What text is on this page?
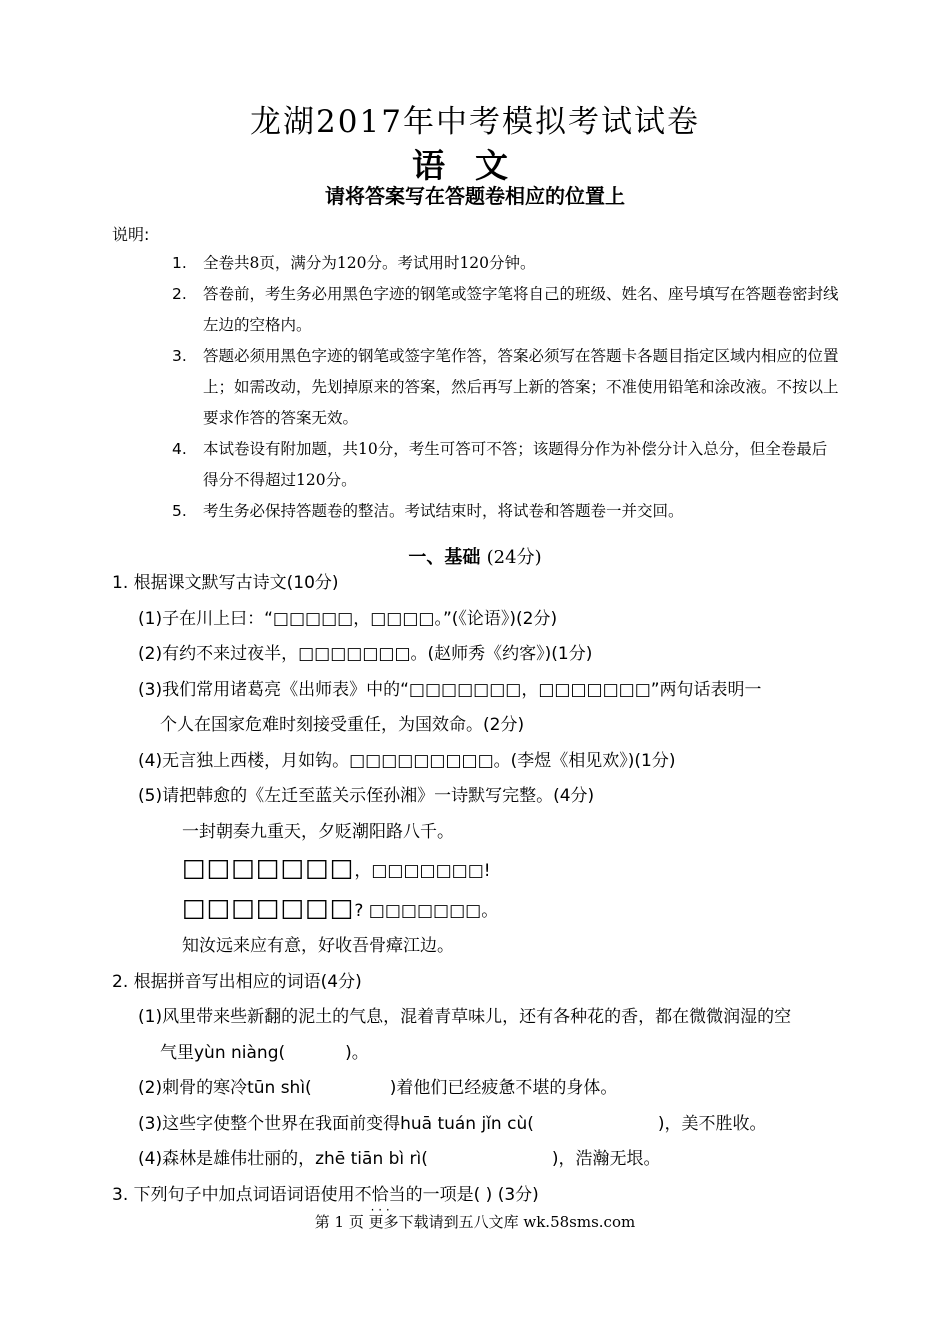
龙湖2017年中考模拟考试试卷
语文
请将答案写在答题卷相应的位置上
说明:
1. 全卷共8页，满分为120分。考试用时120分钟。
2. 答卷前，考生务必用黑色字迹的钢笔或签字笔将自己的班级、姓名、座号填写在答题卷密封线左边的空格内。
3. 答题必须用黑色字迹的钢笔或签字笔作答，答案必须写在答题卡各题目指定区域内相应的位置上；如需改动，先划掉原来的答案，然后再写上新的答案；不准使用铅笔和涂改液。不按以上要求作答的答案无效。
4. 本试卷设有附加题，共10分，考生可答可不答；该题得分作为补偿分计入总分，但全卷最后得分不得超过120分。
5. 考生务必保持答题卷的整洁。考试结束时，将试卷和答题卷一并交回。
一、基础 (24分)
1. 根据课文默写古诗文(10分)
(1)子在川上曰：“□□□□□，□□□□。”(《论语》)(2分)
(2)有约不来过夜半，□□□□□□□。(赵师秀《约客》)(1分)
(3)我们常用诸葛亮《出师表》中的“□□□□□□□，□□□□□□□”两句话表明一
个人在国家危难时刻接受重任，为国效命。(2分)
(4)无言独上西楼，月如钩。□□□□□□□□□。(李煜《相见欢》)(1分)
(5)请把韩愈的《左迁至蓝关示侄孙湘》一诗默写完整。(4分)
一封朝奏九重天，夕贬潮阳路八千。
□□□□□□□，□□□□□□□!
□□□□□□□? □□□□□□□。
知汝远来应有意，好收吾骨瘴江边。
2. 根据拼音写出相应的词语(4分)
(1)风里带来些新翻的泥土的气息，混着青草味儿，还有各种花的香，都在微微润湿的空
气里yùn niàng(	)。
(2)刺骨的寒冷tūn shì(	)着他们已经疲惫不堪的身体。
(3)这些字使整个世界在我面前变得huā tuán jǐn cù(	)，美不胜收。
(4)森林是雄伟壮丽的，zhē tiān bì rì(	)，浩瀚无垠。
3. 下列句子中加点词语词语使用不恰当
· · ·
的一项是( ) (3分)
第 1 页 更多下载请到五八文库 wk.58sms.com
